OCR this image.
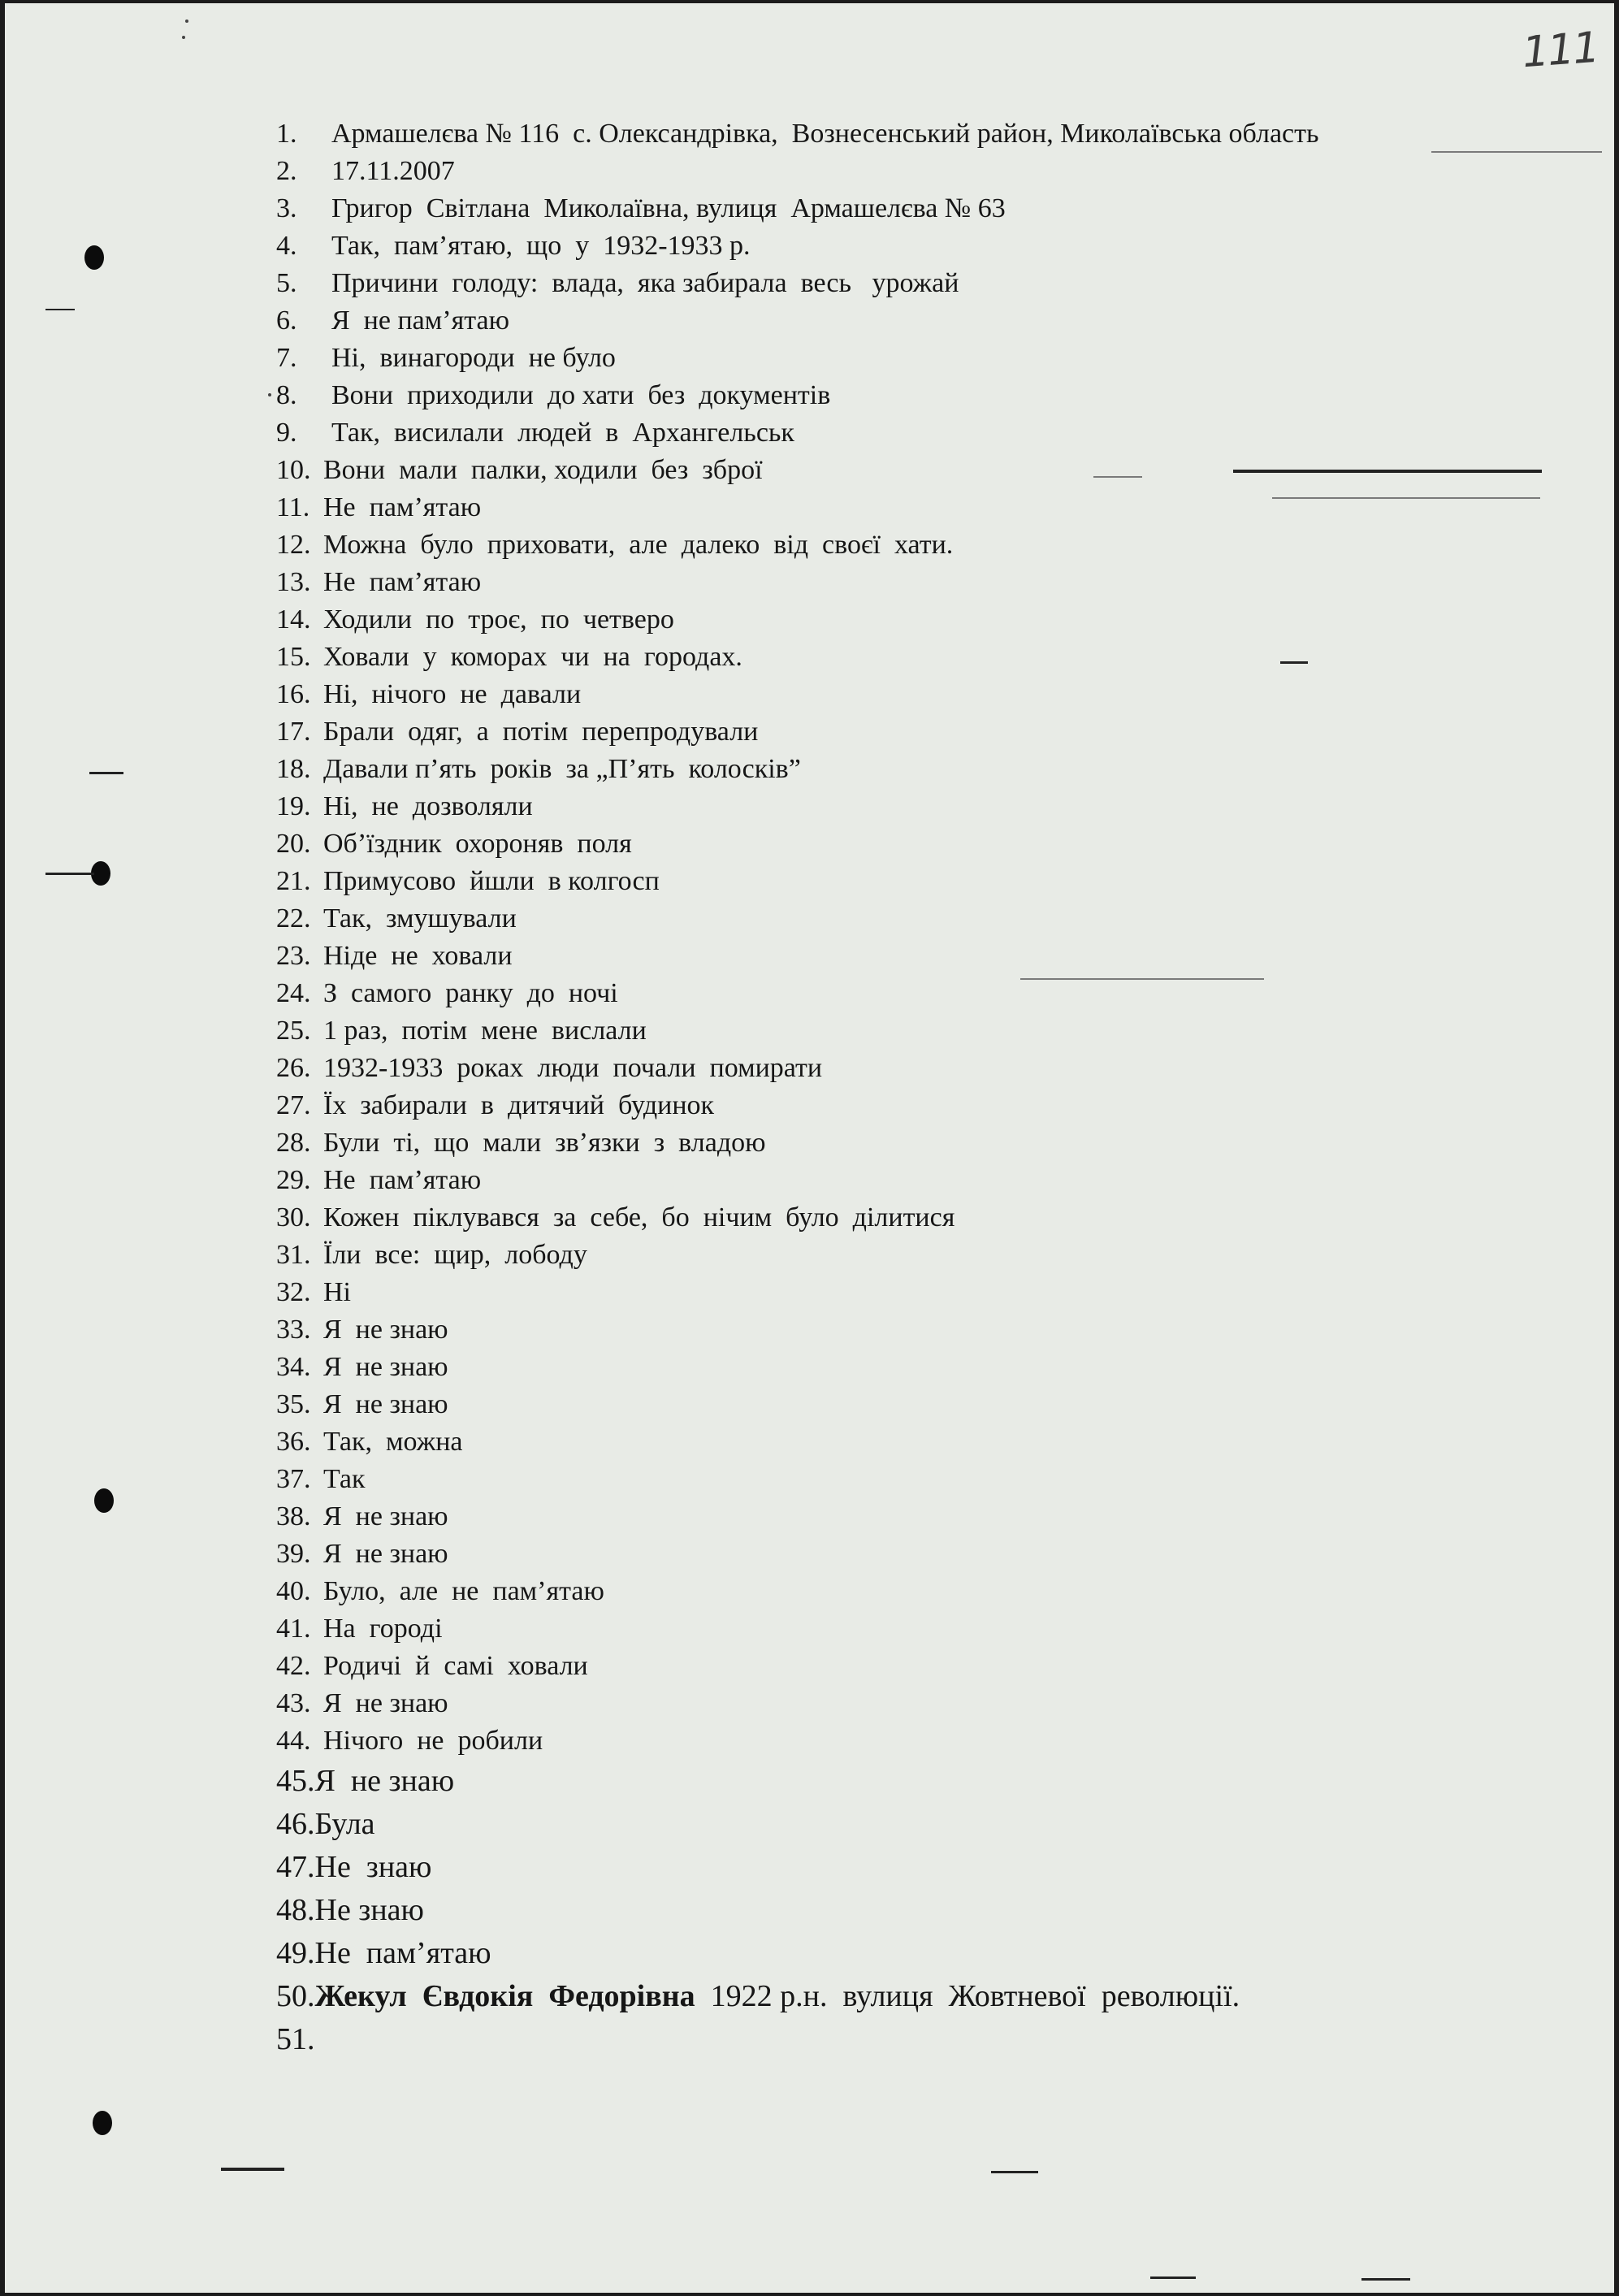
111
1.	Армашелєва № 116  с. Олександрівка,  Вознесенський район, Миколаївська область
2.	17.11.2007
3.	Григор  Світлана  Миколаївна, вулиця  Армашелєва № 63
4.	Так,  пам’ятаю,  що  у  1932-1933 р.
5.	Причини  голоду:  влада,  яка забирала  весь   урожай
6.	Я  не пам’ятаю
7.	Ні,  винагороди  не було
8.	Вони  приходили  до хати  без  документів
9.	Так,  висилали  людей  в  Архангельськ
10. Вони  мали  палки, ходили  без  зброї
11. Не  пам’ятаю
12. Можна  було  приховати,  але  далеко  від  своєї  хати.
13. Не  пам’ятаю
14. Ходили  по  троє,  по  четверо
15. Ховали  у  коморах  чи  на  городах.
16. Ні,  нічого  не  давали
17. Брали  одяг,  а  потім  перепродували
18. Давали п’ять  років  за „П’ять  колосків”
19. Ні,  не  дозволяли
20. Об’їздник  охороняв  поля
21. Примусово  йшли  в колгосп
22. Так,  змушували
23. Ніде  не  ховали
24. З  самого  ранку  до  ночі
25. 1 раз,  потім  мене  вислали
26. 1932-1933  роках  люди  почали  помирати
27. Їх  забирали  в  дитячий  будинок
28. Були  ті,  що  мали  зв’язки  з  владою
29. Не  пам’ятаю
30. Кожен  піклувався  за  себе,  бо  нічим  було  ділитися
31. Їли  все:  щир,  лободу
32. Ні
33. Я  не знаю
34. Я  не знаю
35. Я  не знаю
36. Так,  можна
37. Так
38. Я  не знаю
39. Я  не знаю
40. Було,  але  не  пам’ятаю
41. На  городі
42. Родичі  й  самі  ховали
43. Я  не знаю
44. Нічого  не  робили
45. Я  не знаю
46. Була
47. Не  знаю
48. Не знаю
49. Не  пам’ятаю
50. Жекул  Євдокія  Федорівна  1922 р.н.  вулиця  Жовтневої  революції.
51.
